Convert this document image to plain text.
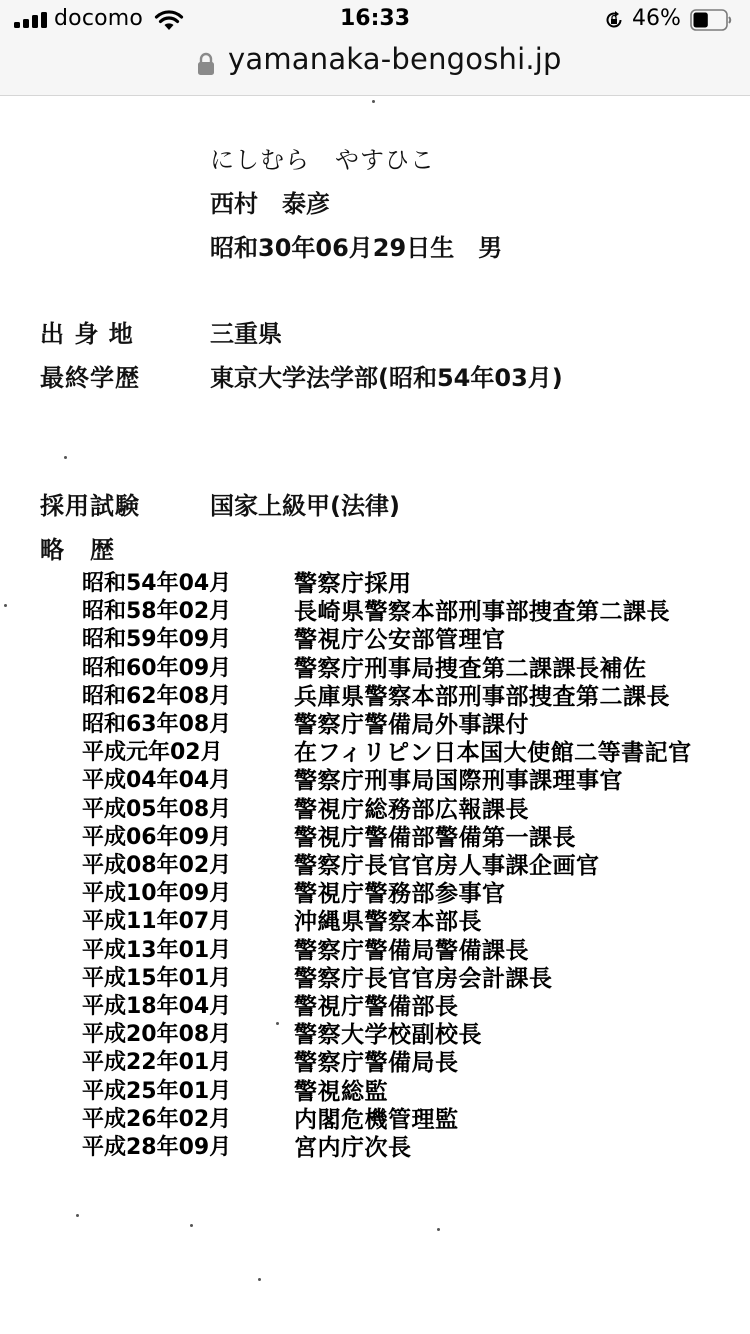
docomo	16:33	46%
yamanaka-bengoshi.jp
にしむら　やすひこ
西村　泰彦
昭和30年06月29日生　男
出 身 地	三重県
最終学歴	東京大学法学部(昭和54年03月)
採用試験	国家上級甲(法律)
略　歴
昭和54年04月	警察庁採用
昭和58年02月	長崎県警察本部刑事部捜査第二課長
昭和59年09月	警視庁公安部管理官
昭和60年09月	警察庁刑事局捜査第二課課長補佐
昭和62年08月	兵庫県警察本部刑事部捜査第二課長
昭和63年08月	警察庁警備局外事課付
平成元年02月	在フィリピン日本国大使館二等書記官
平成04年04月	警察庁刑事局国際刑事課理事官
平成05年08月	警視庁総務部広報課長
平成06年09月	警視庁警備部警備第一課長
平成08年02月	警察庁長官官房人事課企画官
平成10年09月	警視庁警務部参事官
平成11年07月	沖縄県警察本部長
平成13年01月	警察庁警備局警備課長
平成15年01月	警察庁長官官房会計課長
平成18年04月	警視庁警備部長
平成20年08月	警察大学校副校長
平成22年01月	警察庁警備局長
平成25年01月	警視総監
平成26年02月	内閣危機管理監
平成28年09月	宮内庁次長
